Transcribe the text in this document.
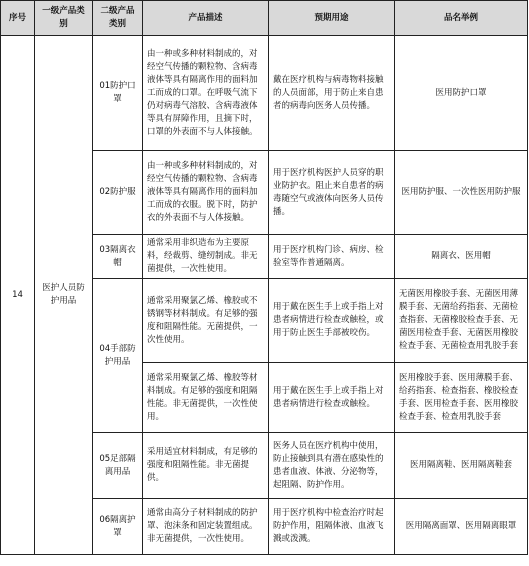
序号	一级产品类别	二级产品类别	产品描述	预期用途	品名举例
14	医护人员防护用品	01防护口罩	由一种或多种材料制成的，对经空气传播的颗粒物、含病毒液体等具有隔离作用的面料加工而成的口罩。在呼吸气流下仍对病毒气溶胶、含病毒液体等具有屏障作用，且摘下时，口罩的外表面不与人体接触。	戴在医疗机构与病毒物料接触的人员面部，用于防止来自患者的病毒向医务人员传播。	医用防护口罩
		02防护服	由一种或多种材料制成的，对经空气传播的颗粒物、含病毒液体等具有隔离作用的面料加工而成的衣服。脱下时，防护衣的外表面不与人体接触。	用于医疗机构医护人员穿的职业防护衣。阻止来自患者的病毒随空气或液体向医务人员传播。	医用防护服、一次性医用防护服
		03隔离衣帽	通常采用非织造布为主要原料，经裁剪、缝纫制成。非无菌提供，一次性使用。	用于医疗机构门诊、病房、检验室等作普通隔离。	隔离衣、医用帽
		04手部防护用品	通常采用聚氯乙烯、橡胶或不锈钢等材料制成。有足够的强度和阻隔性能。无菌提供，一次性使用。	用于戴在医生手上或手指上对患者病情进行检查或触检，或用于防止医生手部被咬伤。	无菌医用橡胶手套、无菌医用薄膜手套、无菌给药指套、无菌检查指套、无菌橡胶检查手套、无菌医用检查手套、无菌医用橡胶检查手套、无菌检查用乳胶手套
			通常采用聚氯乙烯、橡胶等材料制成。有足够的强度和阻隔性能。非无菌提供，一次性使用。	用于戴在医生手上或手指上对患者病情进行检查或触检。	医用橡胶手套、医用薄膜手套、给药指套、检查指套、橡胶检查手套、医用检查手套、医用橡胶检查手套、检查用乳胶手套
		05足部隔离用品	采用适宜材料制成，有足够的强度和阻隔性能。非无菌提供。	医务人员在医疗机构中使用，防止接触到具有潜在感染性的患者血液、体液、分泌物等，起阻隔、防护作用。	医用隔离鞋、医用隔离鞋套
		06隔离护罩	通常由高分子材料制成的防护罩、泡沫条和固定装置组成。非无菌提供，一次性使用。	用于医疗机构中检查治疗时起防护作用，阻隔体液、血液飞溅或泼溅。	医用隔离面罩、医用隔离眼罩
